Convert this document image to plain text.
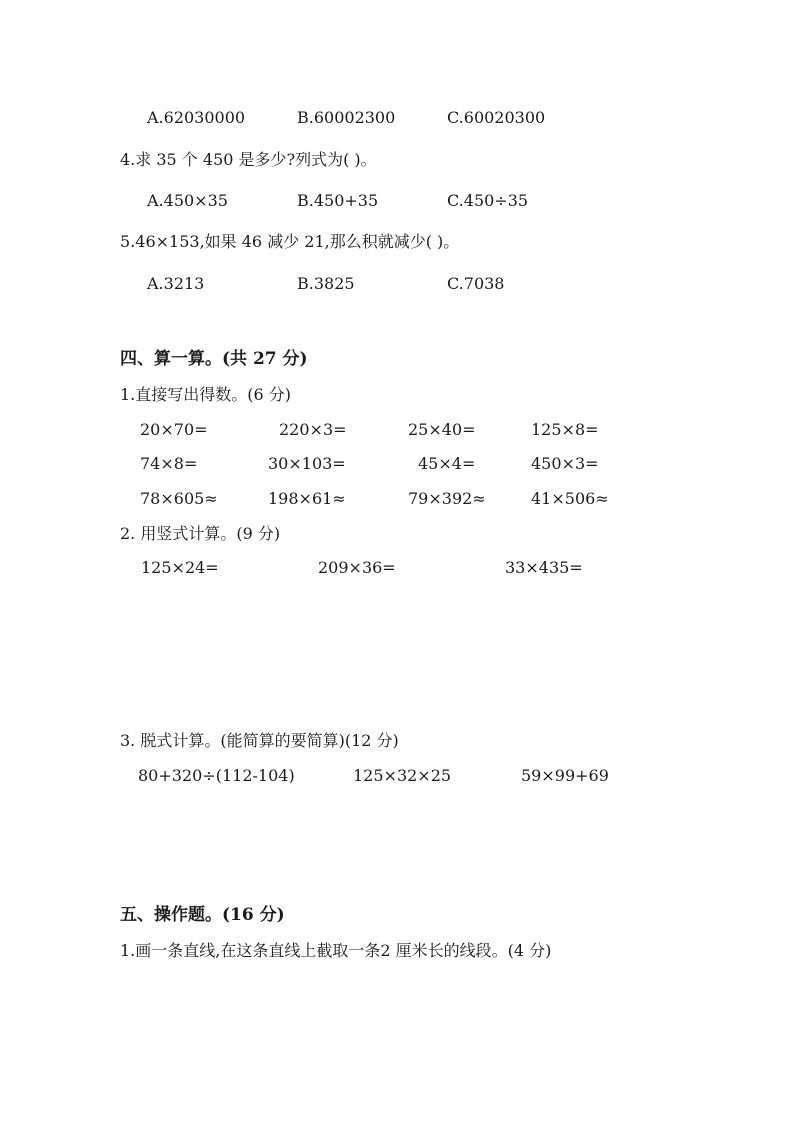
A.62030000	B.60002300	C.60020300
4.求 35 个 450 是多少?列式为( )。
A.450×35	B.450+35	C.450÷35
5.46×153,如果 46 减少 21,那么积就减少( )。
A.3213	B.3825	C.7038
四、算一算。(共 27 分)
1.直接写出得数。(6 分)
20×70=	220×3=	25×40=	125×8=
74×8=	30×103=	45×4=	450×3=
78×605≈	198×61≈	79×392≈	41×506≈
2. 用竖式计算。(9 分)
125×24=	209×36=	33×435=
3. 脱式计算。(能简算的要简算)(12 分)
80+320÷(112-104)	125×32×25	59×99+69
五、操作题。(16 分)
1.画一条直线,在这条直线上截取一条2 厘米长的线段。(4 分)
